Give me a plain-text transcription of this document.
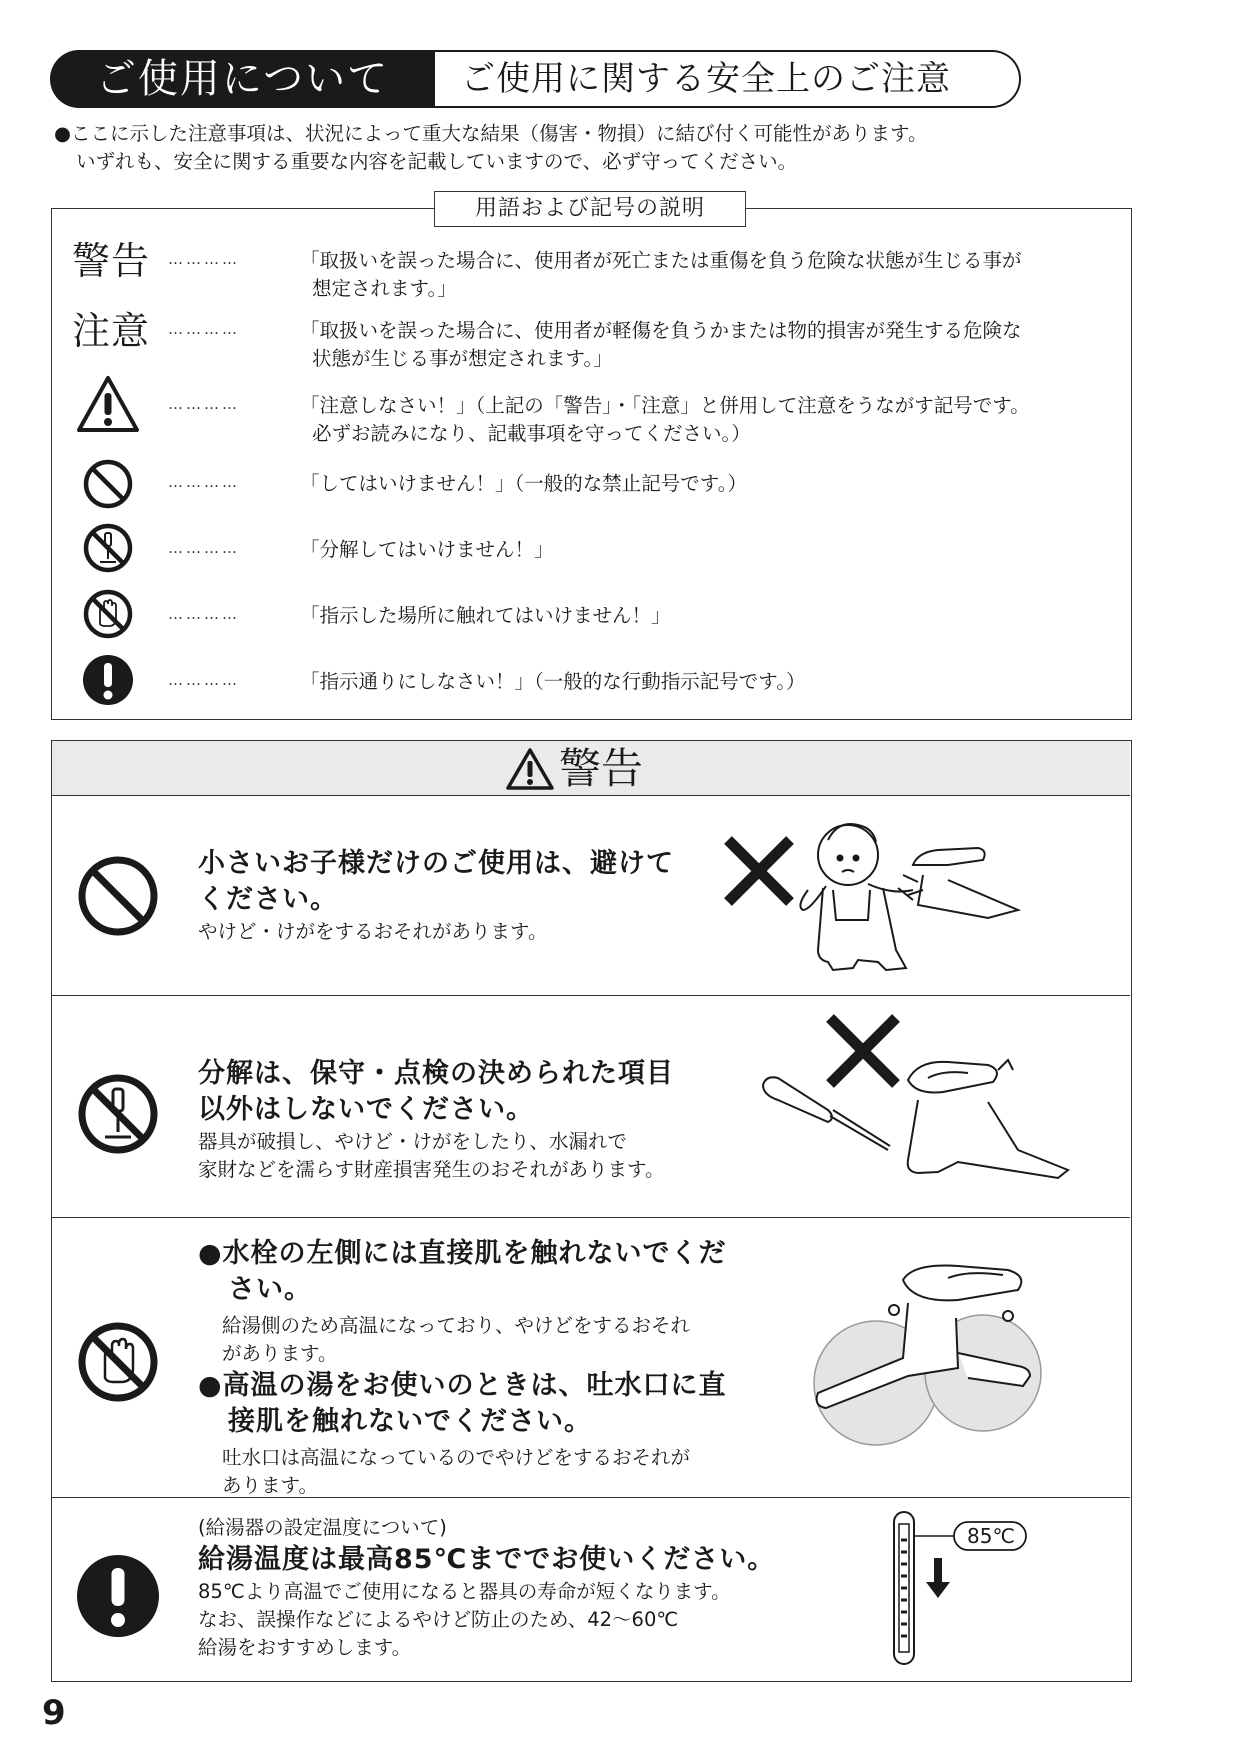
ご使用について	ご使用に関する安全上のご注意
●ここに示した注意事項は、状況によって重大な結果（傷害・物損）に結び付く可能性があります。
いずれも、安全に関する重要な内容を記載していますので、必ず守ってください。
用語および記号の説明
警告 …………	「取扱いを誤った場合に、使用者が死亡または重傷を負う危険な状態が生じる事が
想定されます。」
注意 …………	「取扱いを誤った場合に、使用者が軽傷を負うかまたは物的損害が発生する危険な
状態が生じる事が想定されます。」
…………	「注意しなさい！」（上記の「警告」・「注意」と併用して注意をうながす記号です。
必ずお読みになり、記載事項を守ってください。）
…………	「してはいけません！」（一般的な禁止記号です。）
…………	「分解してはいけません！」
…………	「指示した場所に触れてはいけません！」
…………	「指示通りにしなさい！」（一般的な行動指示記号です。）
警告
小さいお子様だけのご使用は、避けて
ください。
やけど・けがをするおそれがあります。
分解は、保守・点検の決められた項目
以外はしないでください。
器具が破損し、やけど・けがをしたり、水漏れで
家財などを濡らす財産損害発生のおそれがあります。
●水栓の左側には直接肌を触れないでくだ
さい。
給湯側のため高温になっており、やけどをするおそれ
があります。
●高温の湯をお使いのときは、吐水口に直
接肌を触れないでください。
吐水口は高温になっているのでやけどをするおそれが
あります。
(給湯器の設定温度について)
給湯温度は最高85℃まででお使いください。
85℃より高温でご使用になると器具の寿命が短くなります。
なお、誤操作などによるやけど防止のため、42～60℃
給湯をおすすめします。
85℃
9
